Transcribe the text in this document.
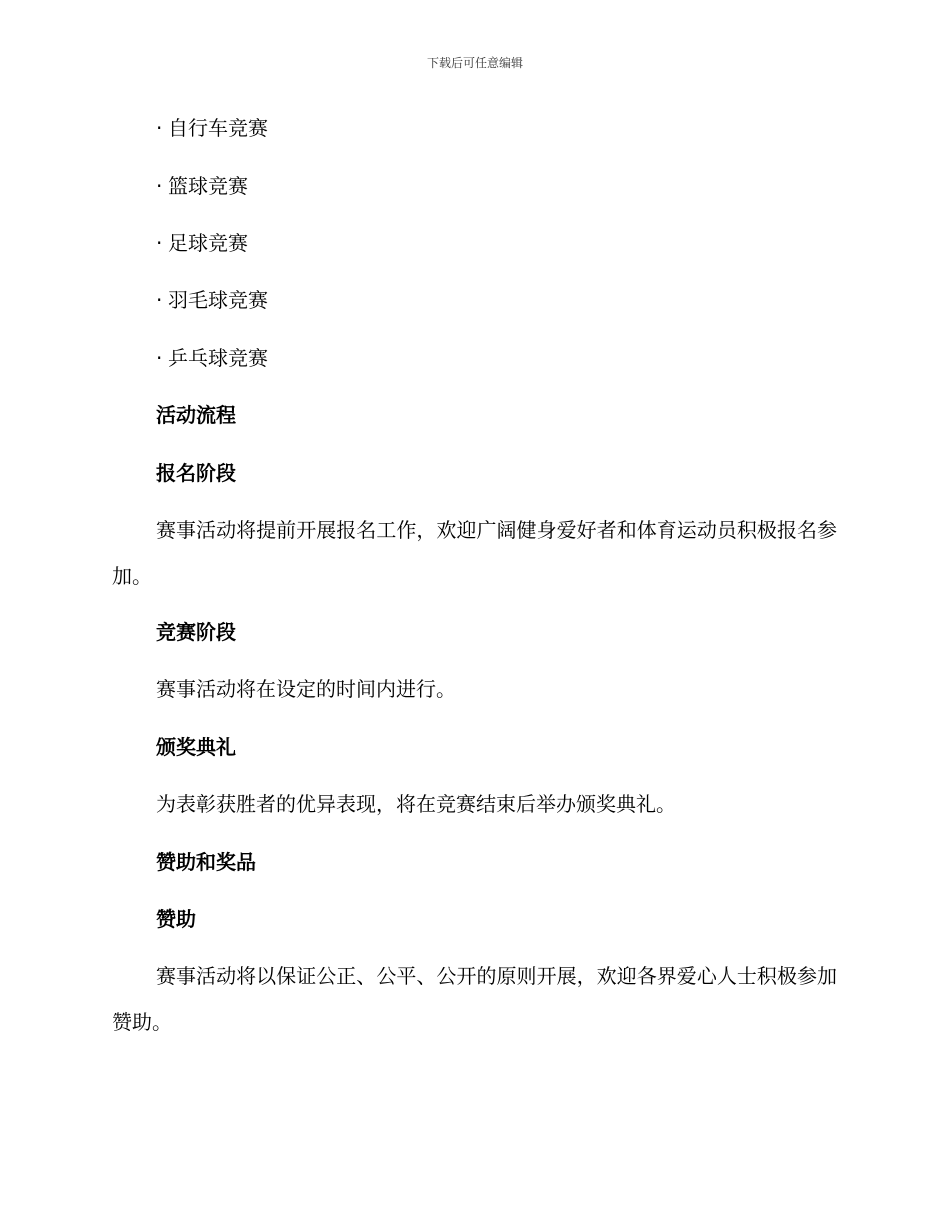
下载后可任意编辑
· 自行车竞赛
· 篮球竞赛
· 足球竞赛
· 羽毛球竞赛
· 乒乓球竞赛
活动流程
报名阶段
赛事活动将提前开展报名工作，欢迎广阔健身爱好者和体育运动员积极报名参加。
竞赛阶段
赛事活动将在设定的时间内进行。
颁奖典礼
为表彰获胜者的优异表现，将在竞赛结束后举办颁奖典礼。
赞助和奖品
赞助
赛事活动将以保证公正、公平、公开的原则开展，欢迎各界爱心人士积极参加赞助。
